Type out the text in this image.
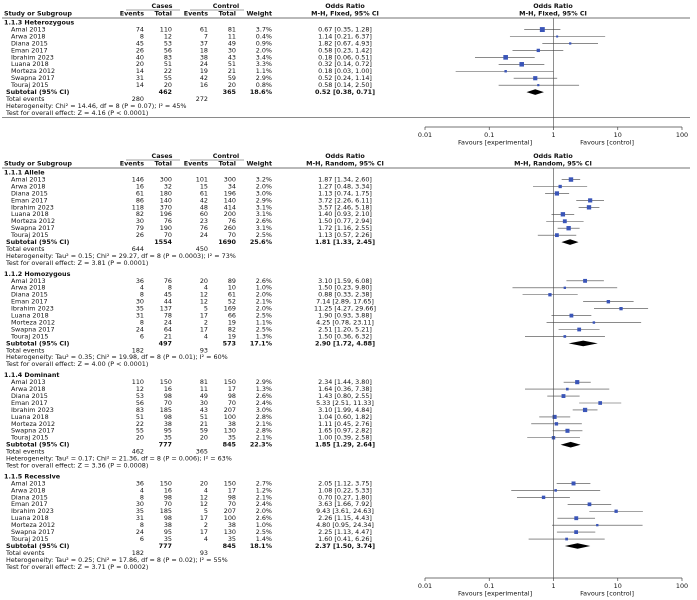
Cases	Control	Odds Ratio	Odds Ratio
Study or Subgroup	Events Total Events Total Weight	M-H, Fixed, 95% CI	M-H, Fixed, 95% CI
1.1.3 Heterozygous
Amal 2013	74 110	61	81	3.7%	0.67 [0.35, 1.28]
Arwa 2018	8	12	7	11	0.4%	1.14 [0.21, 6.37]
Diana 2015	45	53	37	49	0.9%	1.82 [0.67, 4.93]
Eman 2017	26	56	18	30	2.0%	0.58 [0.23, 1.42]
Ibrahim 2023	40	83	38	43	3.4%	0.18 [0.06, 0.51]
Luana 2018	20	51	24	51	3.3%	0.32 [0.14, 0.72]
Morteza 2012	14	22	19	21	1.1%	0.18 [0.03, 1.00]
Swapna 2017	31	55	42	59	2.9%	0.52 [0.24, 1.14]
Touraj 2015	14	20	16	20	0.8%	0.58 [0.14, 2.50]
Subtotal (95% CI)	462	365 18.6%	0.52 [0.38, 0.71]
Total events	280	272
Heterogeneity: Chi² = 14.46, df = 8 (P = 0.07); I² = 45%
Test for overall effect: Z = 4.16 (P < 0.0001)
0.01	0.1	1	10	100
Favours [experimental]	Favours [control]
Cases	Control	Odds Ratio	Odds Ratio
Study or Subgroup	Events Total Events Total Weight	M-H, Random, 95% CI	M-H, Random, 95% CI
1.1.1 Allele
Amal 2013	146 300	101 300	3.2%	1.87 [1.34, 2.60]
Arwa 2018	16	32	15	34	2.0%	1.27 [0.48, 3.34]
Diana 2015	61 180	61 196	3.0%	1.13 [0.74, 1.75]
Eman 2017	86 140	42 140	2.9%	3.72 [2.26, 6.11]
Ibrahim 2023	118 370	48 414	3.1%	3.57 [2.46, 5.18]
Luana 2018	82 196	60 200	3.1%	1.40 [0.93, 2.10]
Morteza 2012	30	76	23	76	2.6%	1.50 [0.77, 2.94]
Swapna 2017	79 190	76 260	3.1%	1.72 [1.16, 2.55]
Touraj 2015	26	70	24	70	2.5%	1.13 [0.57, 2.26]
Subtotal (95% CI)	1554	1690 25.6%	1.81 [1.33, 2.45]
Total events	644	450
Heterogeneity: Tau² = 0.15; Chi² = 29.27, df = 8 (P = 0.0003); I² = 73%
Test for overall effect: Z = 3.81 (P = 0.0001)
1.1.2 Homozygous
Amal 2013	36	76	20	89	2.6%	3.10 [1.59, 6.08]
Arwa 2018	4	8	4	10	1.0%	1.50 [0.23, 9.80]
Diana 2015	8	45	12	61	2.0%	0.88 [0.33, 2.38]
Eman 2017	30	44	12	52	2.1%	7.14 [2.89, 17.65]
Ibrahim 2023	35 137	5 169	2.0%	11.25 [4.27, 29.66]
Luana 2018	31	78	17	66	2.5%	1.90 [0.93, 3.88]
Morteza 2012	8	24	2	19	1.1%	4.25 [0.78, 23.11]
Swapna 2017	24	64	17	82	2.5%	2.51 [1.20, 5.21]
Touraj 2015	6	21	4	19	1.3%	1.50 [0.36, 6.32]
Subtotal (95% CI)	497	573 17.1%	2.90 [1.72, 4.88]
Total events	182	93
Heterogeneity: Tau² = 0.35; Chi² = 19.98, df = 8 (P = 0.01); I² = 60%
Test for overall effect: Z = 4.00 (P < 0.0001)
1.1.4 Dominant
Amal 2013	110 150	81 150	2.9%	2.34 [1.44, 3.80]
Arwa 2018	12	16	11	17	1.3%	1.64 [0.36, 7.38]
Diana 2015	53	98	49	98	2.6%	1.43 [0.80, 2.55]
Eman 2017	56	70	30	70	2.4%	5.33 [2.51, 11.33]
Ibrahim 2023	83 185	43 207	3.0%	3.10 [1.99, 4.84]
Luana 2018	51	98	51 100	2.8%	1.04 [0.60, 1.82]
Morteza 2012	22	38	21	38	2.1%	1.11 [0.45, 2.76]
Swapna 2017	55	95	59 130	2.8%	1.65 [0.97, 2.82]
Touraj 2015	20	35	20	35	2.1%	1.00 [0.39, 2.58]
Subtotal (95% CI)	777	845 22.3%	1.85 [1.29, 2.64]
Total events	462	365
Heterogeneity: Tau² = 0.17; Chi² = 21.36, df = 8 (P = 0.006); I² = 63%
Test for overall effect: Z = 3.36 (P = 0.0008)
1.1.5 Recessive
Amal 2013	36 150	20 150	2.7%	2.05 [1.12, 3.75]
Arwa 2018	4	16	4	17	1.2%	1.08 [0.22, 5.33]
Diana 2015	8	98	12	98	2.1%	0.70 [0.27, 1.80]
Eman 2017	30	70	12	70	2.4%	3.63 [1.66, 7.92]
Ibrahim 2023	35 185	5 207	2.0%	9.43 [3.61, 24.63]
Luana 2018	31	98	17 100	2.6%	2.26 [1.15, 4.43]
Morteza 2012	8	38	2	38	1.0%	4.80 [0.95, 24.34]
Swapna 2017	24	95	17 130	2.5%	2.25 [1.13, 4.47]
Touraj 2015	6	35	4	35	1.4%	1.60 [0.41, 6.26]
Subtotal (95% CI)	777	845 18.1%	2.37 [1.50, 3.74]
Total events	182	93
Heterogeneity: Tau² = 0.25; Chi² = 17.86, df = 8 (P = 0.02); I² = 55%
Test for overall effect: Z = 3.71 (P = 0.0002)
0.01	0.1	1	10	100
Favours [experimental]	Favours [control]
